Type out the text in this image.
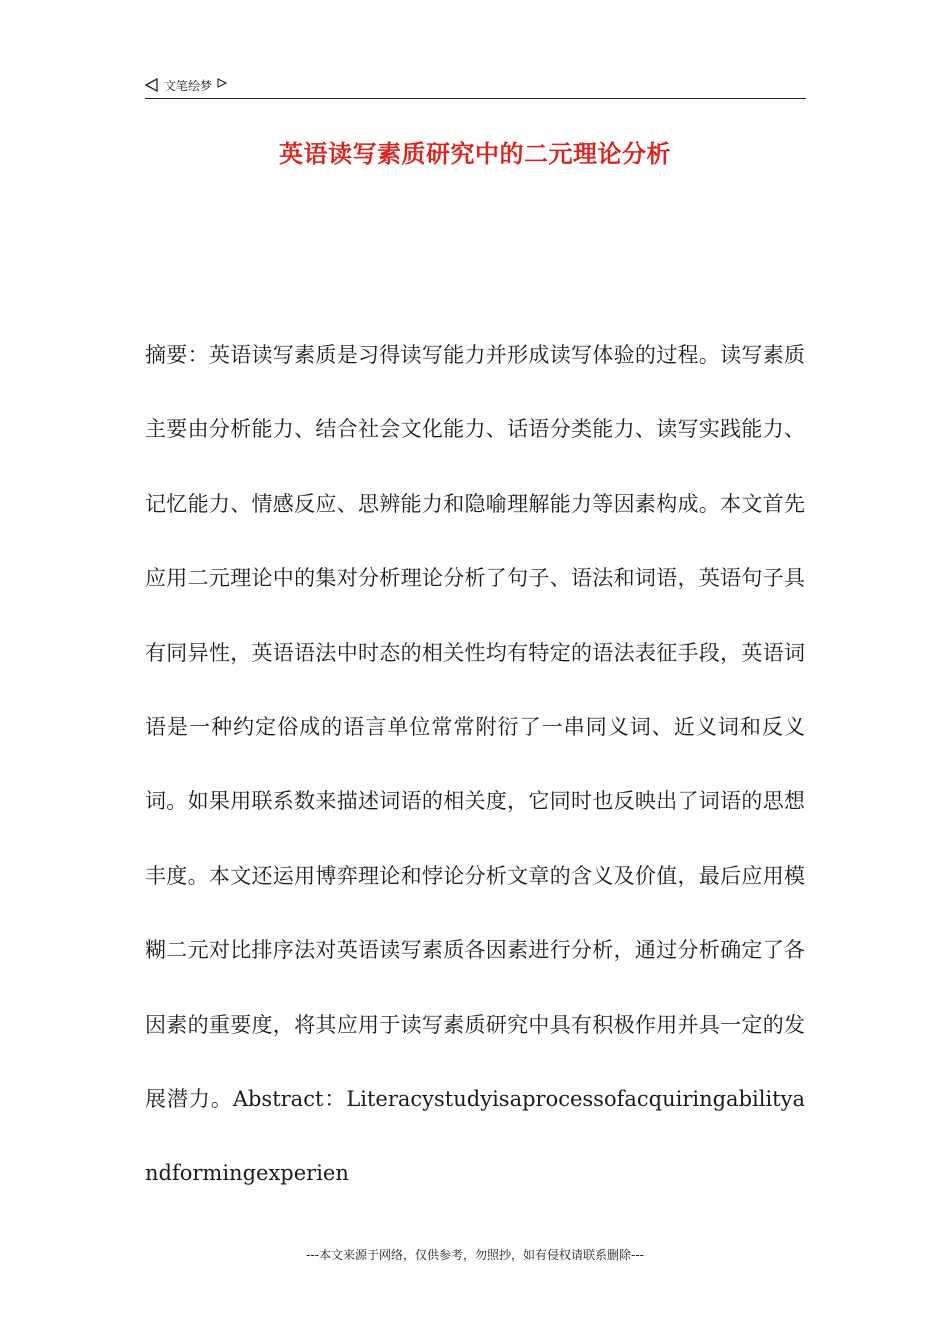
文笔绘梦
英语读写素质研究中的二元理论分析

摘要：英语读写素质是习得读写能力并形成读写体验的过程。读写素质主要由分析能力、结合社会文化能力、话语分类能力、读写实践能力、记忆能力、情感反应、思辨能力和隐喻理解能力等因素构成。本文首先应用二元理论中的集对分析理论分析了句子、语法和词语，英语句子具有同异性，英语语法中时态的相关性均有特定的语法表征手段，英语词语是一种约定俗成的语言单位常常附衍了一串同义词、近义词和反义词。如果用联系数来描述词语的相关度，它同时也反映出了词语的思想丰度。本文还运用博弈理论和悖论分析文章的含义及价值，最后应用模糊二元对比排序法对英语读写素质各因素进行分析，通过分析确定了各因素的重要度，将其应用于读写素质研究中具有积极作用并具一定的发展潜力。Abstract：Literacystudyisaprocessofacquiringabilityandformingexperien

---本文来源于网络，仅供参考，勿照抄，如有侵权请联系删除---
